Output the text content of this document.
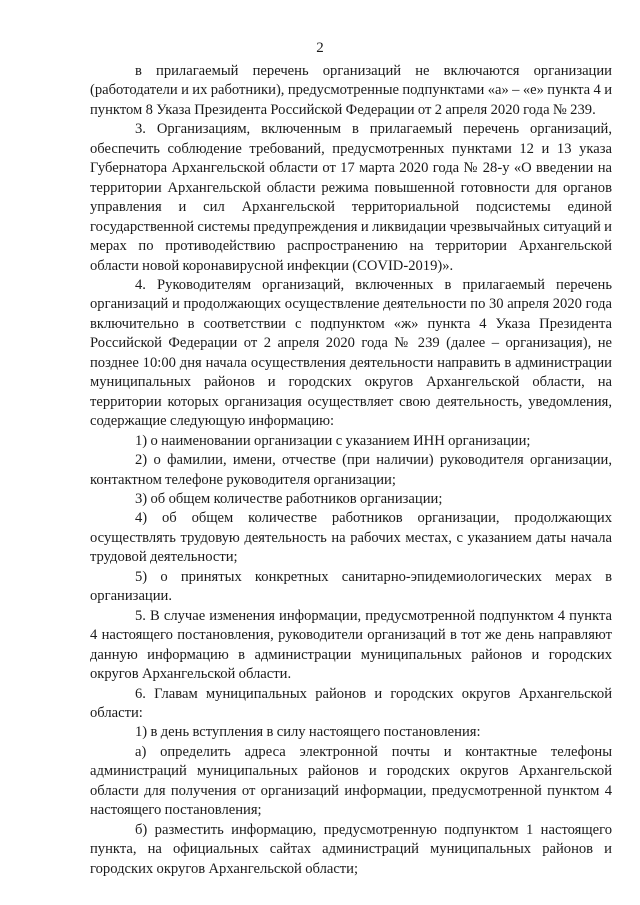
2

в прилагаемый перечень организаций не включаются организации (работодатели и их работники), предусмотренные подпунктами «а» – «е» пункта 4 и пунктом 8 Указа Президента Российской Федерации от 2 апреля 2020 года № 239.

3. Организациям, включенным в прилагаемый перечень организаций, обеспечить соблюдение требований, предусмотренных пунктами 12 и 13 указа Губернатора Архангельской области от 17 марта 2020 года № 28-у «О введении на территории Архангельской области режима повышенной готовности для органов управления и сил Архангельской территориальной подсистемы единой государственной системы предупреждения и ликвидации чрезвычайных ситуаций и мерах по противодействию распространению на территории Архангельской области новой коронавирусной инфекции (COVID-2019)».

4. Руководителям организаций, включенных в прилагаемый перечень организаций и продолжающих осуществление деятельности по 30 апреля 2020 года включительно в соответствии с подпунктом «ж» пункта 4 Указа Президента Российской Федерации от 2 апреля 2020 года № 239 (далее – организация), не позднее 10:00 дня начала осуществления деятельности направить в администрации муниципальных районов и городских округов Архангельской области, на территории которых организация осуществляет свою деятельность, уведомления, содержащие следующую информацию:

1) о наименовании организации с указанием ИНН организации;

2) о фамилии, имени, отчестве (при наличии) руководителя организации, контактном телефоне руководителя организации;

3) об общем количестве работников организации;

4) об общем количестве работников организации, продолжающих осуществлять трудовую деятельность на рабочих местах, с указанием даты начала трудовой деятельности;

5) о принятых конкретных санитарно-эпидемиологических мерах в организации.

5. В случае изменения информации, предусмотренной подпунктом 4 пункта 4 настоящего постановления, руководители организаций в тот же день направляют данную информацию в администрации муниципальных районов и городских округов Архангельской области.

6. Главам муниципальных районов и городских округов Архангельской области:

1) в день вступления в силу настоящего постановления:

а) определить адреса электронной почты и контактные телефоны администраций муниципальных районов и городских округов Архангельской области для получения от организаций информации, предусмотренной пунктом 4 настоящего постановления;

б) разместить информацию, предусмотренную подпунктом 1 настоящего пункта, на официальных сайтах администраций муниципальных районов и городских округов Архангельской области;
